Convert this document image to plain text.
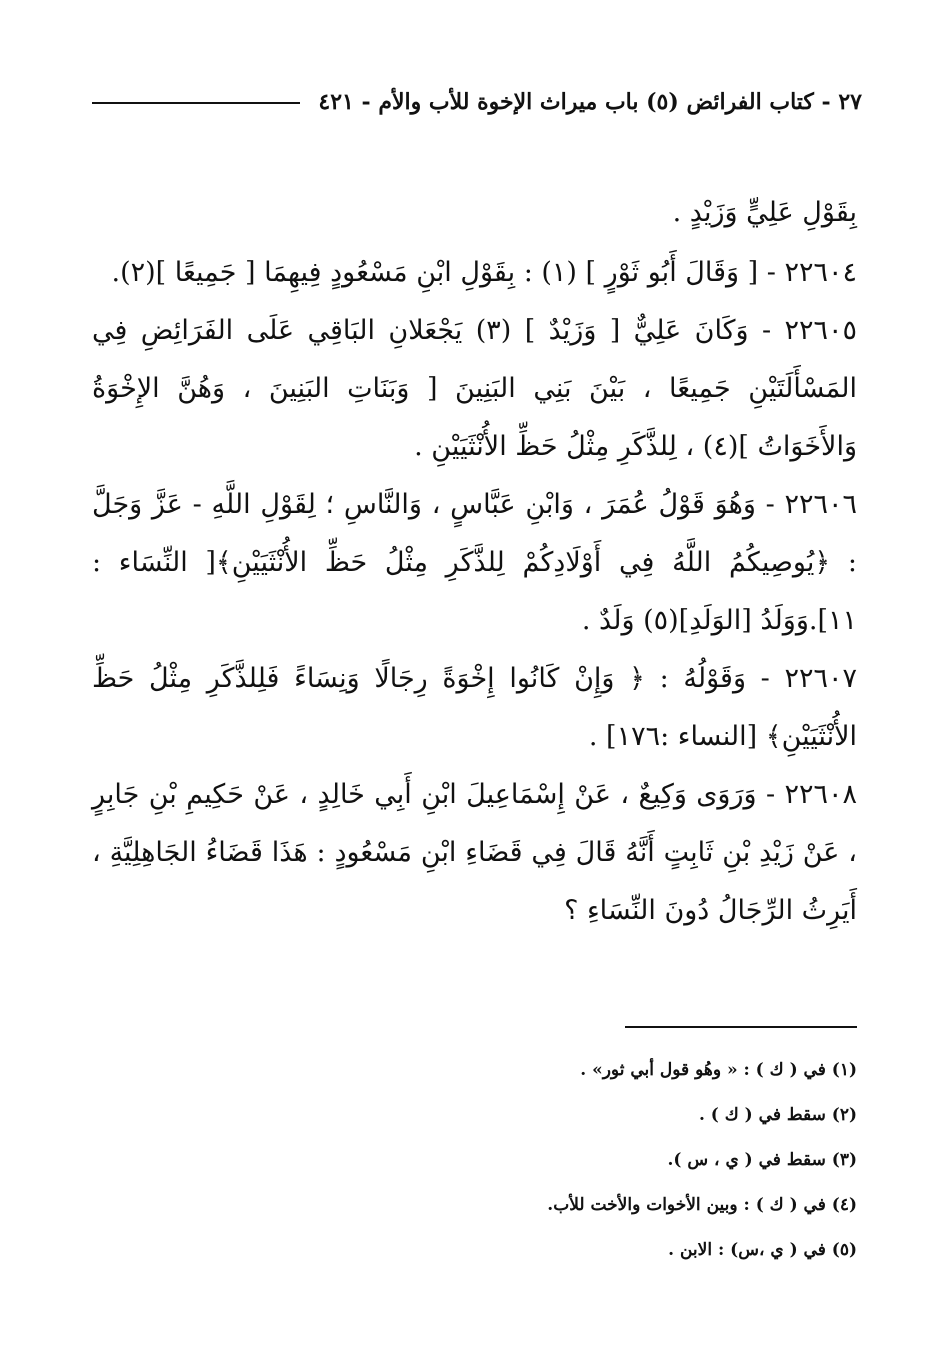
٢٧ - كتاب الفرائض (٥) باب ميراث الإخوة للأب والأم - ٤٢١

بِقَوْلِ عَلِيٍّ وَزَيْدٍ .

٢٢٦٠٤ - [ وَقَالَ أَبُو ثَوْرٍ ] (١) : بِقَوْلِ ابْنِ مَسْعُودٍ فِيهِمَا [ جَمِيعًا ](٢).

٢٢٦٠٥ - وَكَانَ عَلِيٌّ [ وَزَيْدٌ ] (٣) يَجْعَلانِ البَاقِي عَلَى الفَرَائِضِ فِي المَسْأَلَتَيْنِ جَمِيعًا ، بَيْنَ بَنِي البَنِينَ [ وَبَنَاتِ البَنِينَ ، وَهُنَّ الإِخْوَةُ وَالأَخَوَاتُ ](٤) ، لِلذَّكَرِ مِثْلُ حَظِّ الأُنْثَيَيْنِ .

٢٢٦٠٦ - وَهُوَ قَوْلُ عُمَرَ ، وَابْنِ عَبَّاسٍ ، وَالنَّاسِ ؛ لِقَوْلِ اللَّهِ - عَزَّ وَجَلَّ : ﴿يُوصِيكُمُ اللَّهُ فِي أَوْلَادِكُمْ لِلذَّكَرِ مِثْلُ حَظِّ الأُنْثَيَيْنِ﴾[ النِّسَاء : ١١].وَوَلَدُ [الوَلَدِ](٥) وَلَدٌ .

٢٢٦٠٧ - وَقَوْلُهُ : ﴿ وَإِنْ كَانُوا إِخْوَةً رِجَالًا وَنِسَاءً فَلِلذَّكَرِ مِثْلُ حَظِّ الأُنْثَيَيْنِ﴾ [النساء :١٧٦] .

٢٢٦٠٨ - وَرَوَى وَكِيعٌ ، عَنْ إِسْمَاعِيلَ ابْنِ أَبِي خَالِدٍ ، عَنْ حَكِيمِ بْنِ جَابِرٍ ، عَنْ زَيْدِ بْنِ ثَابِتٍ أَنَّهُ قَالَ فِي قَضَاءِ ابْنِ مَسْعُودٍ : هَذَا قَضَاءُ الجَاهِلِيَّةِ ، أَيَرِثُ الرِّجَالُ دُونَ النِّسَاءِ ؟

(١) في ( ك ) : « وهُو قول أبي ثور» .

(٢) سقط في ( ك ) .

(٣) سقط في ( ي ، س ).

(٤) في ( ك ) : وبين الأخوات والأخت للأب.

(٥) في ( ي ،س) : الابن .
